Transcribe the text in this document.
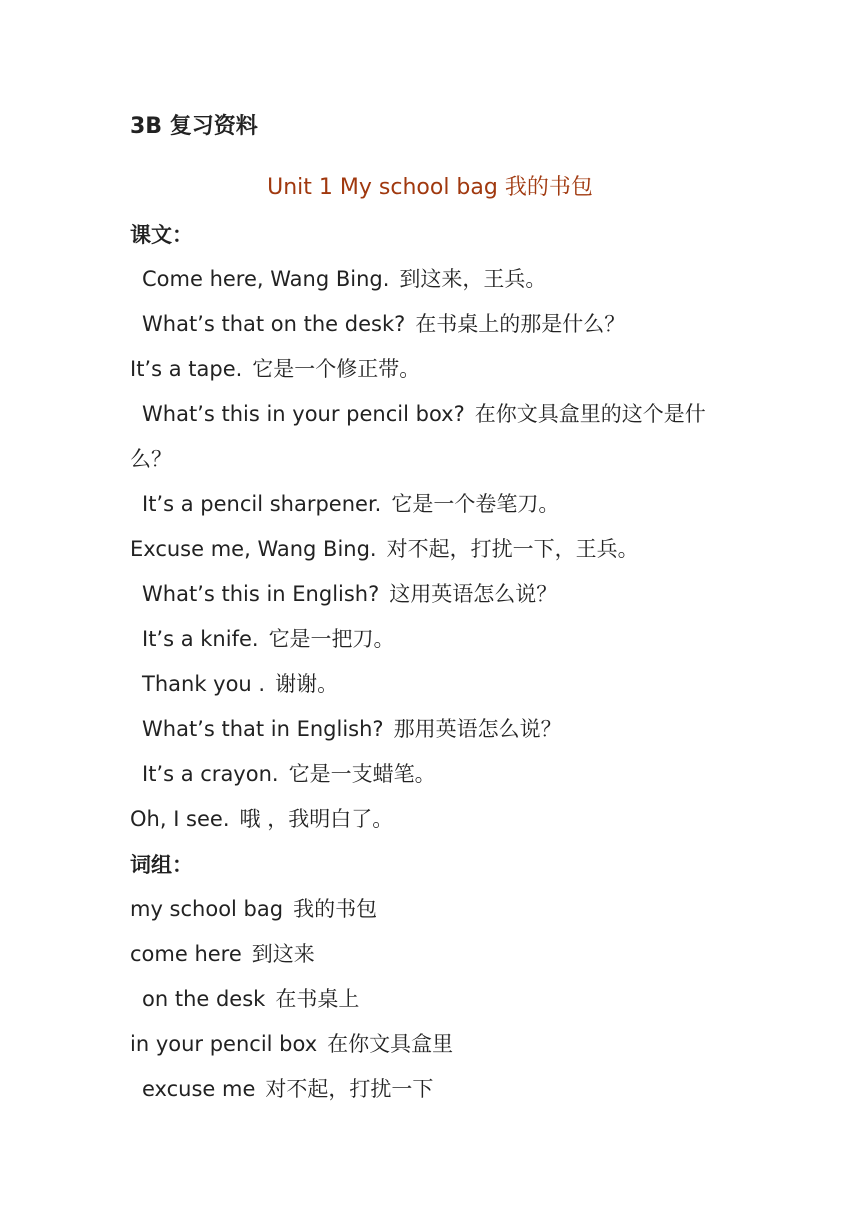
3B 复习资料
Unit 1 My school bag 我的书包
课文：
Come here, Wang Bing. 到这来，王兵。
What’s that on the desk? 在书桌上的那是什么？
It’s a tape. 它是一个修正带。
What’s this in your pencil box? 在你文具盒里的这个是什
么？
It’s a pencil sharpener. 它是一个卷笔刀。
Excuse me, Wang Bing. 对不起，打扰一下，王兵。
What’s this in English? 这用英语怎么说？
It’s a knife. 它是一把刀。
Thank you . 谢谢。
What’s that in English? 那用英语怎么说？
It’s a crayon. 它是一支蜡笔。
Oh, I see. 哦 ，我明白了。
词组：
my school bag 我的书包
come here 到这来
on the desk 在书桌上
in your pencil box 在你文具盒里
excuse me 对不起，打扰一下
